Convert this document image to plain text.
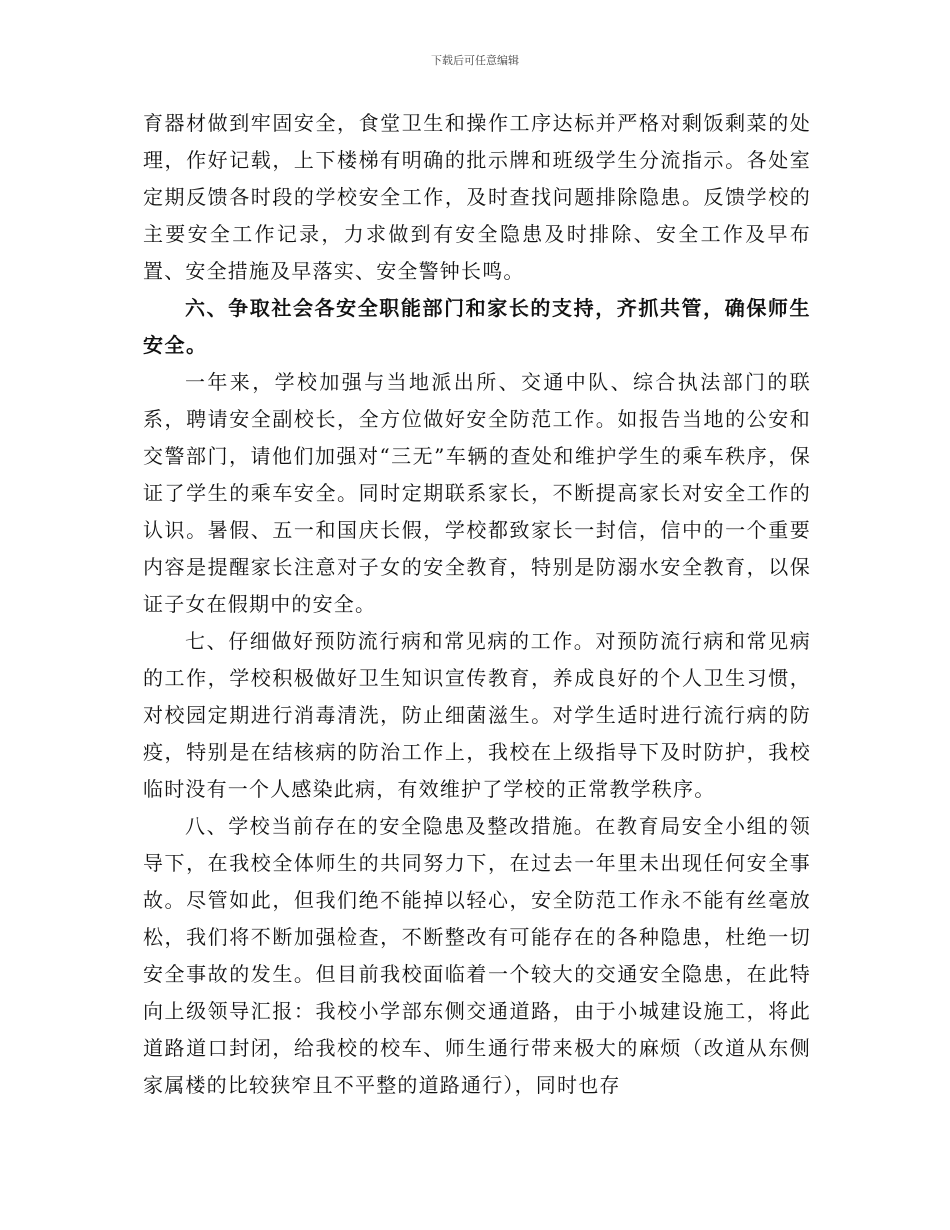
下载后可任意编辑

育器材做到牢固安全，食堂卫生和操作工序达标并严格对剩饭剩菜的处理，作好记载，上下楼梯有明确的批示牌和班级学生分流指示。各处室定期反馈各时段的学校安全工作，及时查找问题排除隐患。反馈学校的主要安全工作记录，力求做到有安全隐患及时排除、安全工作及早布置、安全措施及早落实、安全警钟长鸣。

六、争取社会各安全职能部门和家长的支持，齐抓共管，确保师生安全。

一年来，学校加强与当地派出所、交通中队、综合执法部门的联系，聘请安全副校长，全方位做好安全防范工作。如报告当地的公安和交警部门，请他们加强对“三无”车辆的查处和维护学生的乘车秩序，保证了学生的乘车安全。同时定期联系家长，不断提高家长对安全工作的认识。暑假、五一和国庆长假，学校都致家长一封信，信中的一个重要内容是提醒家长注意对子女的安全教育，特别是防溺水安全教育，以保证子女在假期中的安全。

七、仔细做好预防流行病和常见病的工作。对预防流行病和常见病的工作，学校积极做好卫生知识宣传教育，养成良好的个人卫生习惯，对校园定期进行消毒清洗，防止细菌滋生。对学生适时进行流行病的防疫，特别是在结核病的防治工作上，我校在上级指导下及时防护，我校临时没有一个人感染此病，有效维护了学校的正常教学秩序。

八、学校当前存在的安全隐患及整改措施。在教育局安全小组的领导下，在我校全体师生的共同努力下，在过去一年里未出现任何安全事故。尽管如此，但我们绝不能掉以轻心，安全防范工作永不能有丝毫放松，我们将不断加强检查，不断整改有可能存在的各种隐患，杜绝一切安全事故的发生。但目前我校面临着一个较大的交通安全隐患，在此特向上级领导汇报：我校小学部东侧交通道路，由于小城建设施工，将此道路道口封闭，给我校的校车、师生通行带来极大的麻烦（改道从东侧家属楼的比较狭窄且不平整的道路通行），同时也存
